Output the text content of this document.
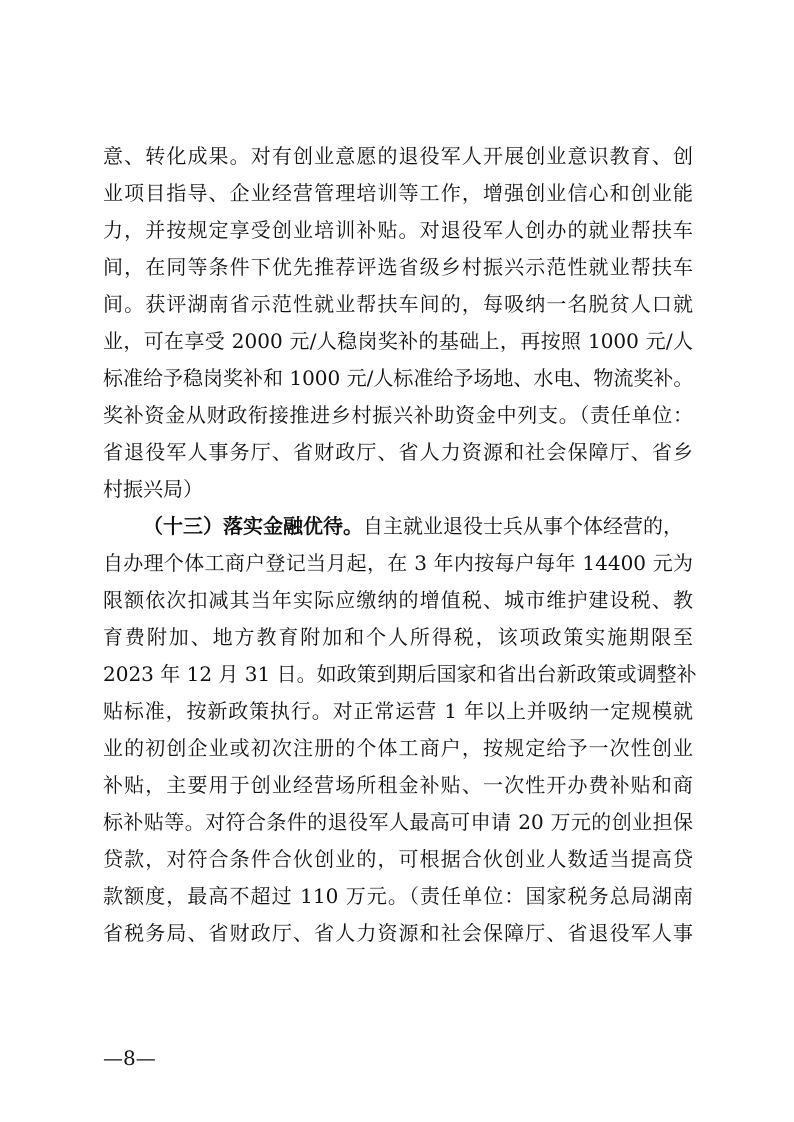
意、转化成果。对有创业意愿的退役军人开展创业意识教育、创
业项目指导、企业经营管理培训等工作，增强创业信心和创业能
力，并按规定享受创业培训补贴。对退役军人创办的就业帮扶车
间，在同等条件下优先推荐评选省级乡村振兴示范性就业帮扶车
间。获评湖南省示范性就业帮扶车间的，每吸纳一名脱贫人口就
业，可在享受 2000 元/人稳岗奖补的基础上，再按照 1000 元/人
标准给予稳岗奖补和 1000 元/人标准给予场地、水电、物流奖补。
奖补资金从财政衔接推进乡村振兴补助资金中列支。（责任单位：
省退役军人事务厅、省财政厅、省人力资源和社会保障厅、省乡
村振兴局）
（十三）落实金融优待。自主就业退役士兵从事个体经营的，
自办理个体工商户登记当月起，在 3 年内按每户每年 14400 元为
限额依次扣减其当年实际应缴纳的增值税、城市维护建设税、教
育费附加、地方教育附加和个人所得税，该项政策实施期限至
2023 年 12 月 31 日。如政策到期后国家和省出台新政策或调整补
贴标准，按新政策执行。对正常运营 1 年以上并吸纳一定规模就
业的初创企业或初次注册的个体工商户，按规定给予一次性创业
补贴，主要用于创业经营场所租金补贴、一次性开办费补贴和商
标补贴等。对符合条件的退役军人最高可申请 20 万元的创业担保
贷款，对符合条件合伙创业的，可根据合伙创业人数适当提高贷
款额度，最高不超过 110 万元。（责任单位：国家税务总局湖南
省税务局、省财政厅、省人力资源和社会保障厅、省退役军人事
—8—
